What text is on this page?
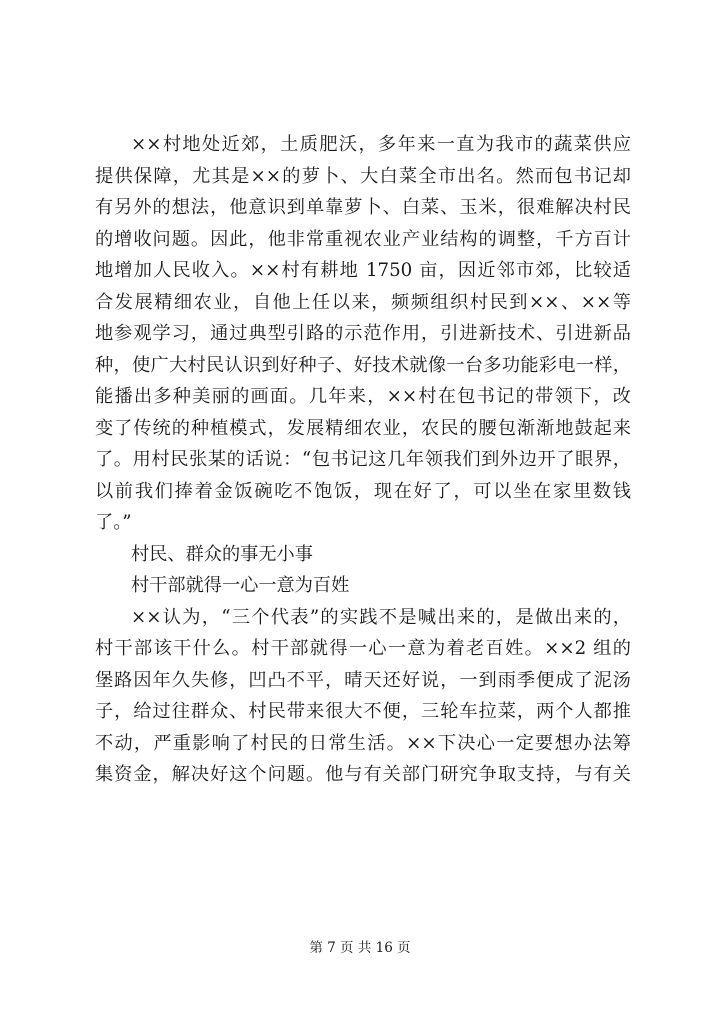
××村地处近郊，土质肥沃，多年来一直为我市的蔬菜供应
提供保障，尤其是××的萝卜、大白菜全市出名。然而包书记却
有另外的想法，他意识到单靠萝卜、白菜、玉米，很难解决村民
的增收问题。因此，他非常重视农业产业结构的调整，千方百计
地增加人民收入。××村有耕地 1750 亩，因近邻市郊，比较适
合发展精细农业，自他上任以来，频频组织村民到××、××等
地参观学习，通过典型引路的示范作用，引进新技术、引进新品
种，使广大村民认识到好种子、好技术就像一台多功能彩电一样，
能播出多种美丽的画面。几年来，××村在包书记的带领下，改
变了传统的种植模式，发展精细农业，农民的腰包渐渐地鼓起来
了。用村民张某的话说：“包书记这几年领我们到外边开了眼界，
以前我们捧着金饭碗吃不饱饭，现在好了，可以坐在家里数钱
了。”
村民、群众的事无小事
村干部就得一心一意为百姓
××认为，“三个代表”的实践不是喊出来的，是做出来的，
村干部该干什么。村干部就得一心一意为着老百姓。××2 组的
堡路因年久失修，凹凸不平，晴天还好说，一到雨季便成了泥汤
子，给过往群众、村民带来很大不便，三轮车拉菜，两个人都推
不动，严重影响了村民的日常生活。××下决心一定要想办法筹
集资金，解决好这个问题。他与有关部门研究争取支持，与有关
第 7 页 共 16 页
